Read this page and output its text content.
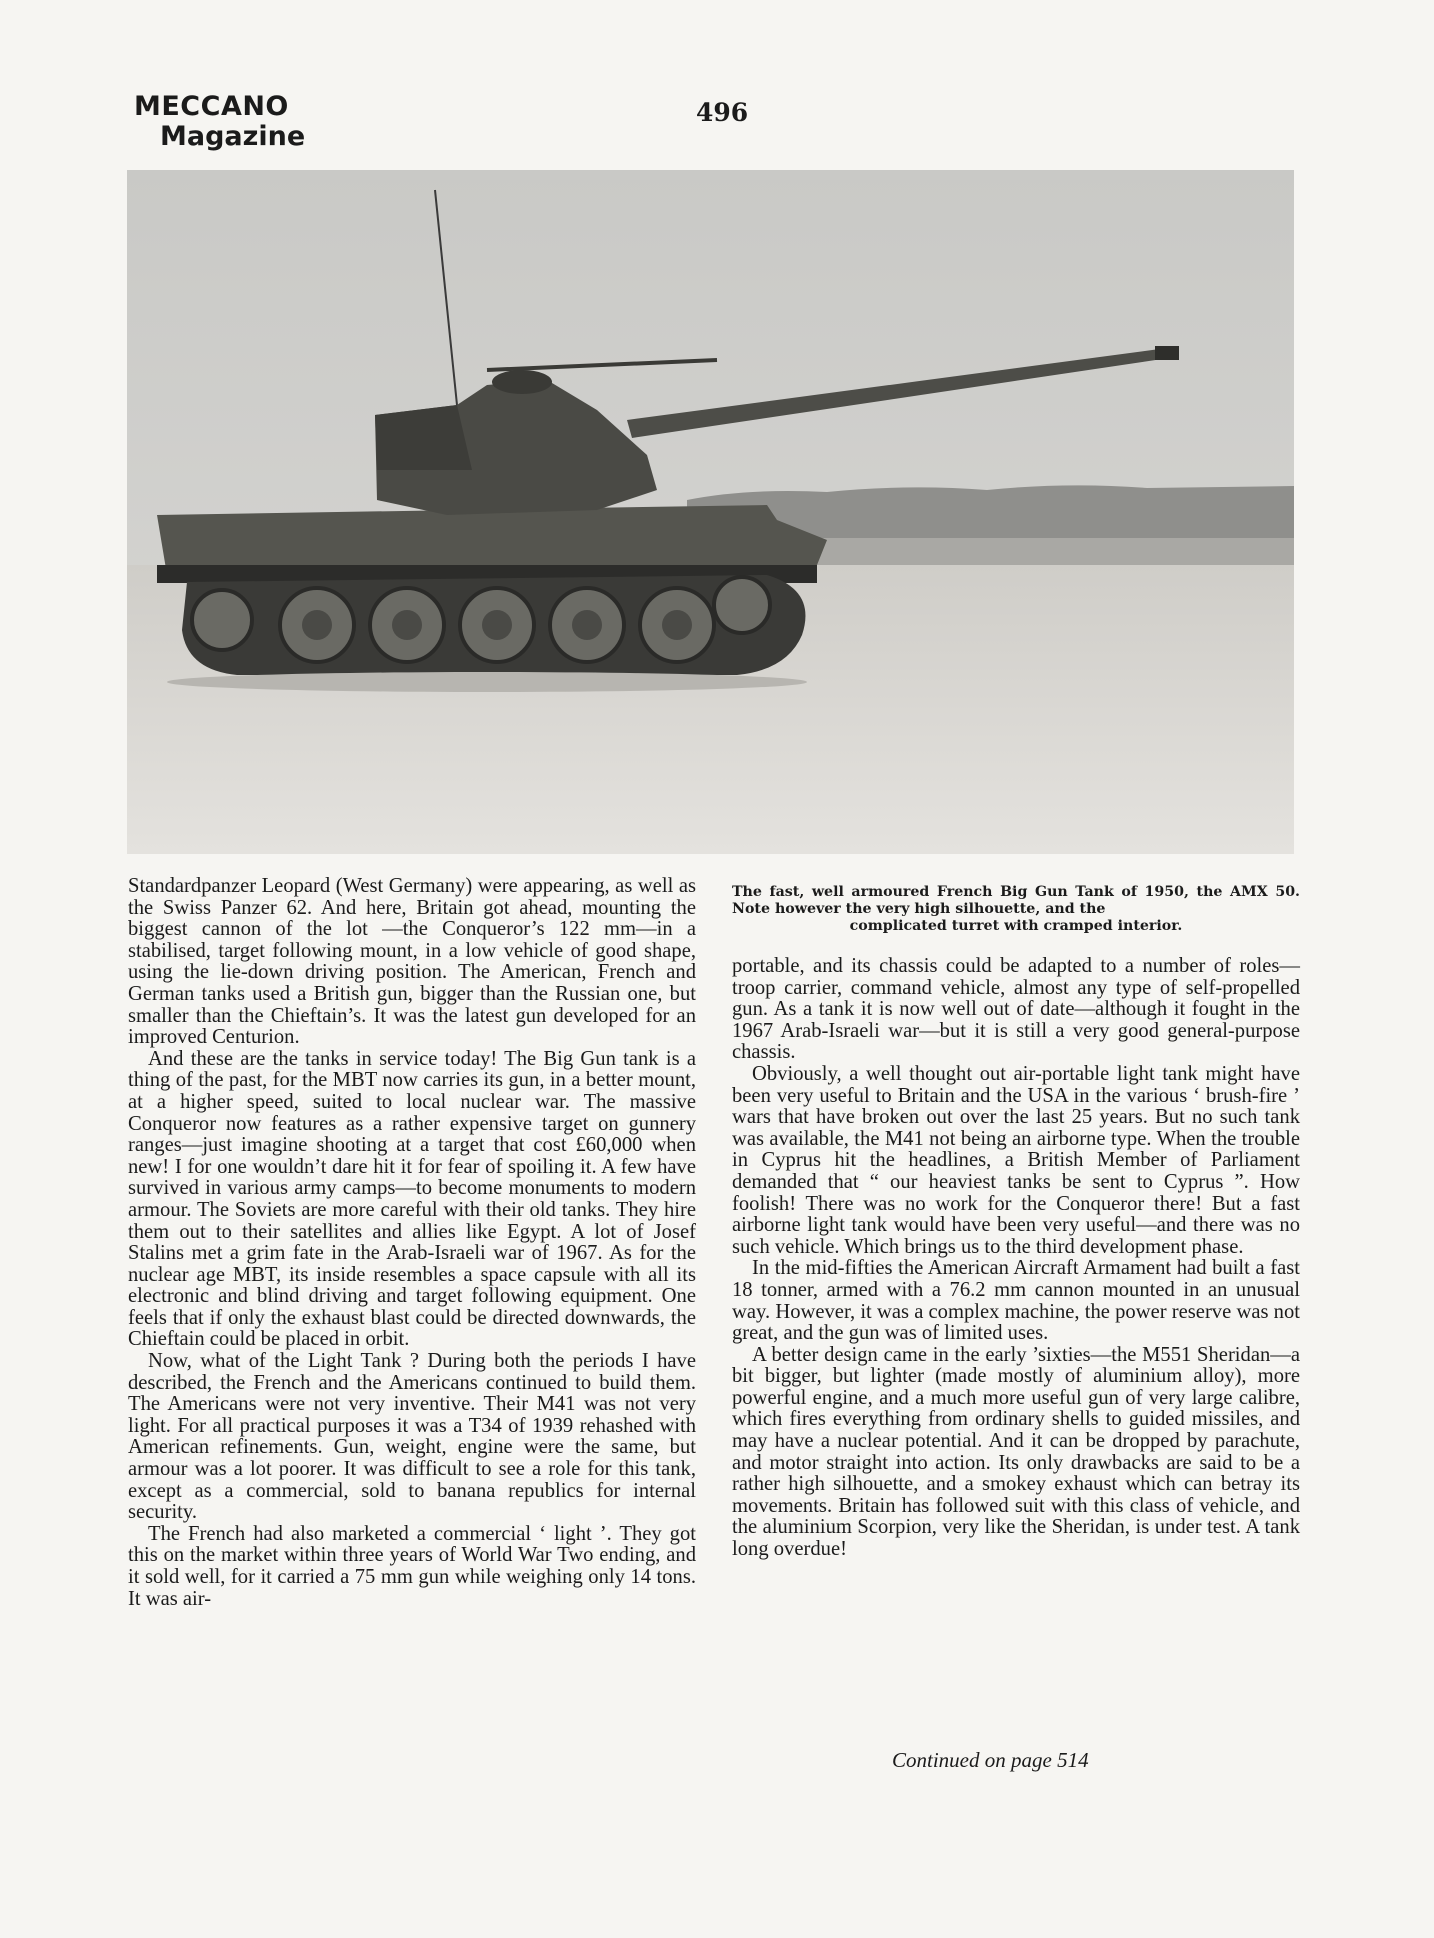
MECCANO
Magazine
496

Standardpanzer Leopard (West Germany) were appearing, as well as the Swiss Panzer 62. And here, Britain got ahead, mounting the biggest cannon of the lot —the Conqueror’s 122 mm—in a stabilised, target following mount, in a low vehicle of good shape, using the lie-down driving position. The American, French and German tanks used a British gun, bigger than the Russian one, but smaller than the Chieftain’s. It was the latest gun developed for an improved Centurion.

And these are the tanks in service today! The Big Gun tank is a thing of the past, for the MBT now carries its gun, in a better mount, at a higher speed, suited to local nuclear war. The massive Conqueror now features as a rather expensive target on gunnery ranges—just imagine shooting at a target that cost £60,000 when new! I for one wouldn’t dare hit it for fear of spoiling it. A few have survived in various army camps—to become monuments to modern armour. The Soviets are more careful with their old tanks. They hire them out to their satellites and allies like Egypt. A lot of Josef Stalins met a grim fate in the Arab-Israeli war of 1967. As for the nuclear age MBT, its inside resembles a space capsule with all its electronic and blind driving and target following equipment. One feels that if only the exhaust blast could be directed downwards, the Chieftain could be placed in orbit.

Now, what of the Light Tank ? During both the periods I have described, the French and the Americans continued to build them. The Americans were not very inventive. Their M41 was not very light. For all practical purposes it was a T34 of 1939 rehashed with American refinements. Gun, weight, engine were the same, but armour was a lot poorer. It was difficult to see a role for this tank, except as a commercial, sold to banana republics for internal security.

The French had also marketed a commercial ‘ light ’. They got this on the market within three years of World War Two ending, and it sold well, for it carried a 75 mm gun while weighing only 14 tons. It was air-

The fast, well armoured French Big Gun Tank of 1950, the AMX 50. Note however the very high silhouette, and the
complicated turret with cramped interior.

portable, and its chassis could be adapted to a number of roles—troop carrier, command vehicle, almost any type of self-propelled gun. As a tank it is now well out of date—although it fought in the 1967 Arab-Israeli war—but it is still a very good general-purpose chassis.

Obviously, a well thought out air-portable light tank might have been very useful to Britain and the USA in the various ‘ brush-fire ’ wars that have broken out over the last 25 years. But no such tank was available, the M41 not being an airborne type. When the trouble in Cyprus hit the headlines, a British Member of Parliament demanded that “ our heaviest tanks be sent to Cyprus ”. How foolish! There was no work for the Conqueror there! But a fast airborne light tank would have been very useful—and there was no such vehicle. Which brings us to the third development phase.

In the mid-fifties the American Aircraft Armament had built a fast 18 tonner, armed with a 76.2 mm cannon mounted in an unusual way. However, it was a complex machine, the power reserve was not great, and the gun was of limited uses.

A better design came in the early ’sixties—the M551 Sheridan—a bit bigger, but lighter (made mostly of aluminium alloy), more powerful engine, and a much more useful gun of very large calibre, which fires everything from ordinary shells to guided missiles, and may have a nuclear potential. And it can be dropped by parachute, and motor straight into action. Its only drawbacks are said to be a rather high silhouette, and a smokey exhaust which can betray its movements. Britain has followed suit with this class of vehicle, and the aluminium Scorpion, very like the Sheridan, is under test. A tank long overdue!

Continued on page 514
